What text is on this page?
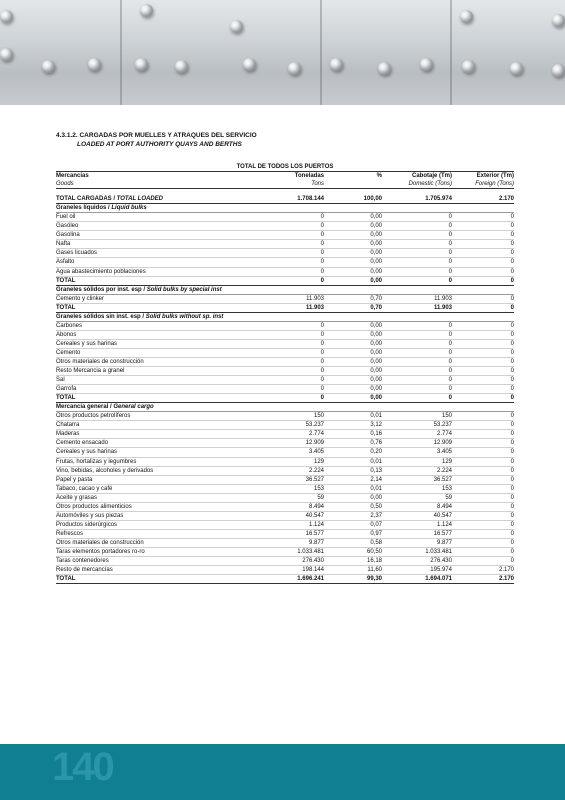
4.3.1.2. CARGADAS POR MUELLES Y ATRAQUES DEL SERVICIO
LOADED AT PORT AUTHORITY QUAYS AND BERTHS
TOTAL DE TODOS LOS PUERTOS				
Mercancías	Toneladas	%	Cabotaje (Tm)	Exterior (Tm)
Goods	Tons		Domestic (Tons)	Foreign (Tons)

TOTAL CARGADAS / TOTAL LOADED	1.708.144	100,00	1.705.974	2.170
Graneles líquidos / Liquid bulks				
Fuel oil	0	0,00	0	0
Gasóleo	0	0,00	0	0
Gasolina	0	0,00	0	0
Nafta	0	0,00	0	0
Gases licuados	0	0,00	0	0
Asfalto	0	0,00	0	0
Agua abastecimiento poblaciones	0	0,00	0	0
TOTAL	0	0,00	0	0
Graneles sólidos por inst. esp / Solid bulks by special inst				
Cemento y clinker	11.903	0,70	11.903	0
TOTAL	11.903	0,70	11.903	0
Graneles sólidos sin inst. esp / Solid bulks without sp. inst				
Carbones	0	0,00	0	0
Abonos	0	0,00	0	0
Cereales y sus harinas	0	0,00	0	0
Cemento	0	0,00	0	0
Otros materiales de construcción	0	0,00	0	0
Resto Mercancia a granel	0	0,00	0	0
Sal	0	0,00	0	0
Garrofa	0	0,00	0	0
TOTAL	0	0,00	0	0
Mercancía general / General cargo				
Otros productos petrolíferos	150	0,01	150	0
Chatarra	53.237	3,12	53.237	0
Maderas	2.774	0,16	2.774	0
Cemento ensacado	12.909	0,76	12.909	0
Cereales y sus harinas	3.405	0,20	3.405	0
Frutas, hortalizas y legumbres	129	0,01	129	0
Vino, bebidas, alcoholes y derivados	2.224	0,13	2.224	0
Papel y pasta	36.527	2,14	36.527	0
Tabaco, cacao y café	153	0,01	153	0
Aceite y grasas	59	0,00	59	0
Otros productos alimenticios	8.494	0,50	8.494	0
Automóviles y sus piezas	40.547	2,37	40.547	0
Productos siderúrgicos	1.124	0,07	1.124	0
Refrescos	16.577	0,97	16.577	0
Otros materiales de construcción	9.877	0,58	9.877	0
Taras elementos portadores ro-ro	1.033.481	60,50	1.033.481	0
Taras contenedores	276.430	16,18	276.430	0
Resto de mercancías	198.144	11,60	195.974	2.170
TOTAL	1.696.241	99,30	1.694.071	2.170
140
